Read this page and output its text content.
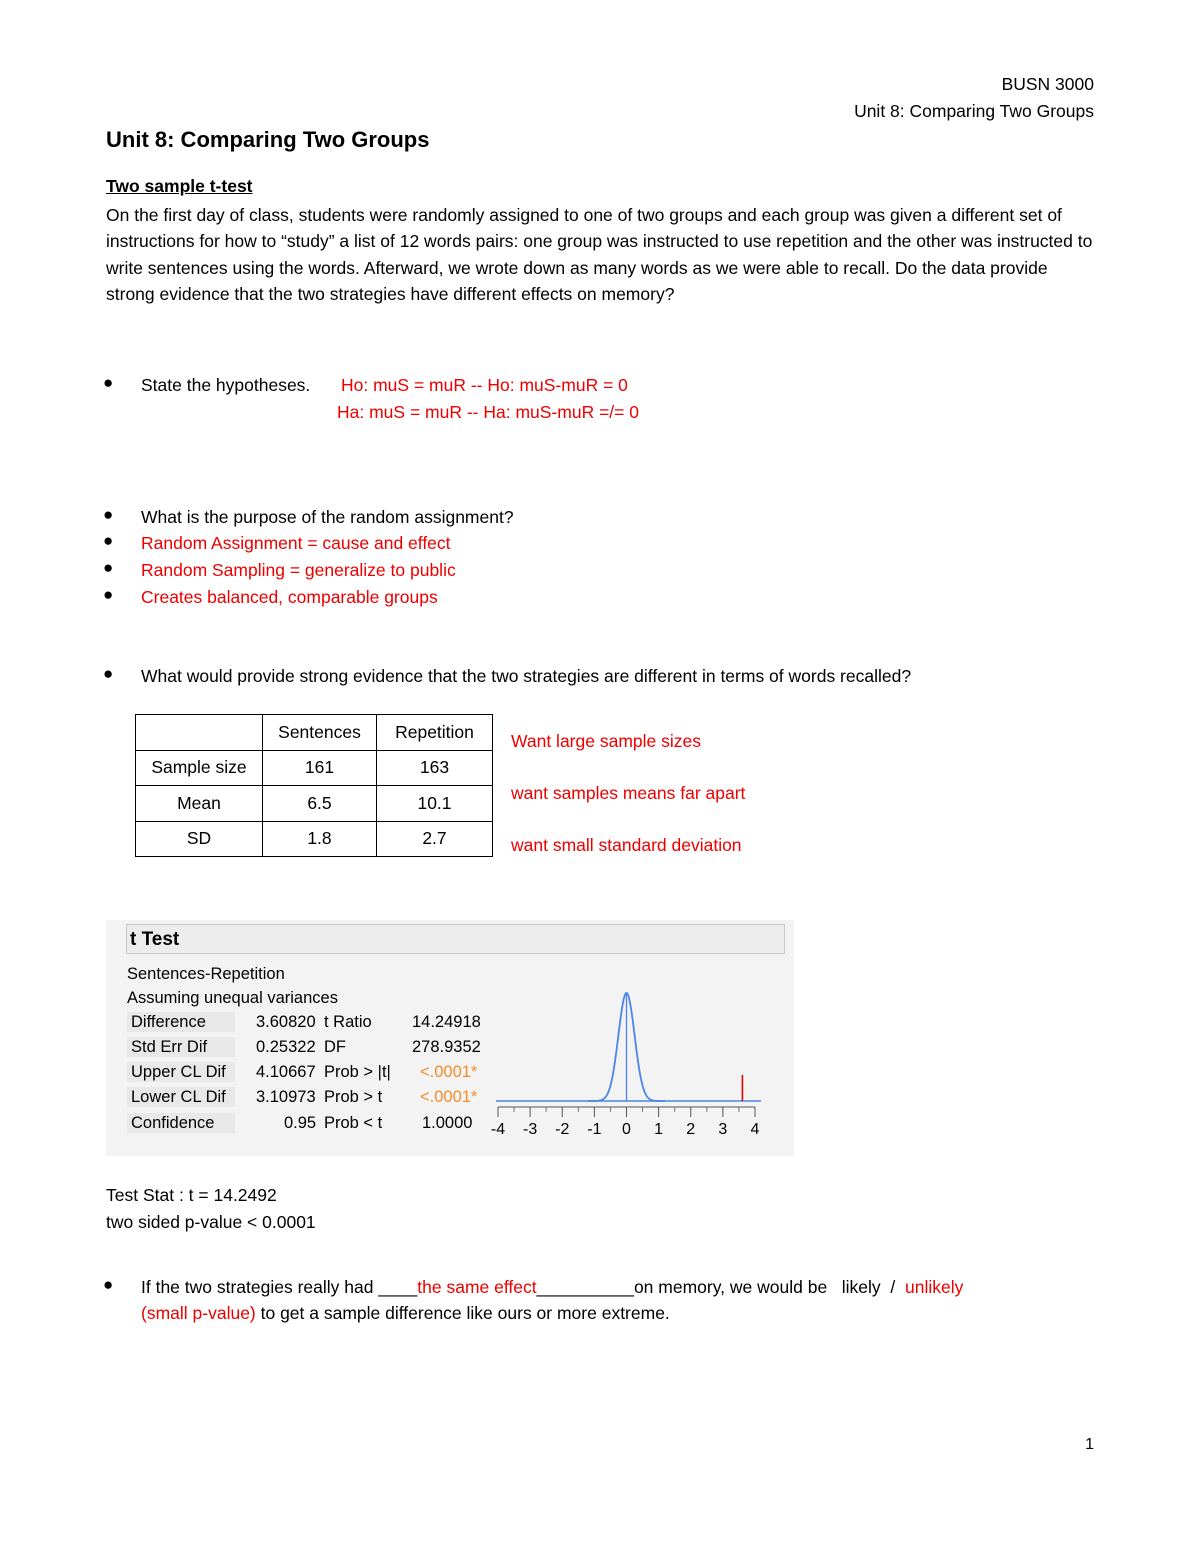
BUSN 3000
Unit 8: Comparing Two Groups
Unit 8: Comparing Two Groups
Two sample t-test
On the first day of class, students were randomly assigned to one of two groups and each group was given a different set of instructions for how to “study” a list of 12 words pairs: one group was instructed to use repetition and the other was instructed to write sentences using the words. Afterward, we wrote down as many words as we were able to recall. Do the data provide strong evidence that the two strategies have different effects on memory?
● State the hypotheses. Ho: muS = muR -- Ho: muS-muR = 0
Ha: muS = muR -- Ha: muS-muR =/= 0
● What is the purpose of the random assignment?
● Random Assignment = cause and effect
● Random Sampling = generalize to public
● Creates balanced, comparable groups
● What would provide strong evidence that the two strategies are different in terms of words recalled?
	Sentences	Repetition
Sample size	161	163
Mean	6.5	10.1
SD	1.8	2.7
Want large sample sizes
want samples means far apart
want small standard deviation
t Test
Sentences-Repetition
Assuming unequal variances
Difference	3.60820 t Ratio 14.24918
Std Err Dif	0.25322 DF	278.9352
Upper CL Dif	4.10667 Prob > |t| <.0001*
Lower CL Dif	3.10973 Prob > t <.0001*
Confidence	0.95 Prob < t 1.0000 -4 -3 -2 -1 0 1 2 3 4
Test Stat : t = 14.2492
two sided p-value < 0.0001
● If the two strategies really had ____the same effect__________on memory, we would be   likely  /  unlikely
(small p-value) to get a sample difference like ours or more extreme.
1
